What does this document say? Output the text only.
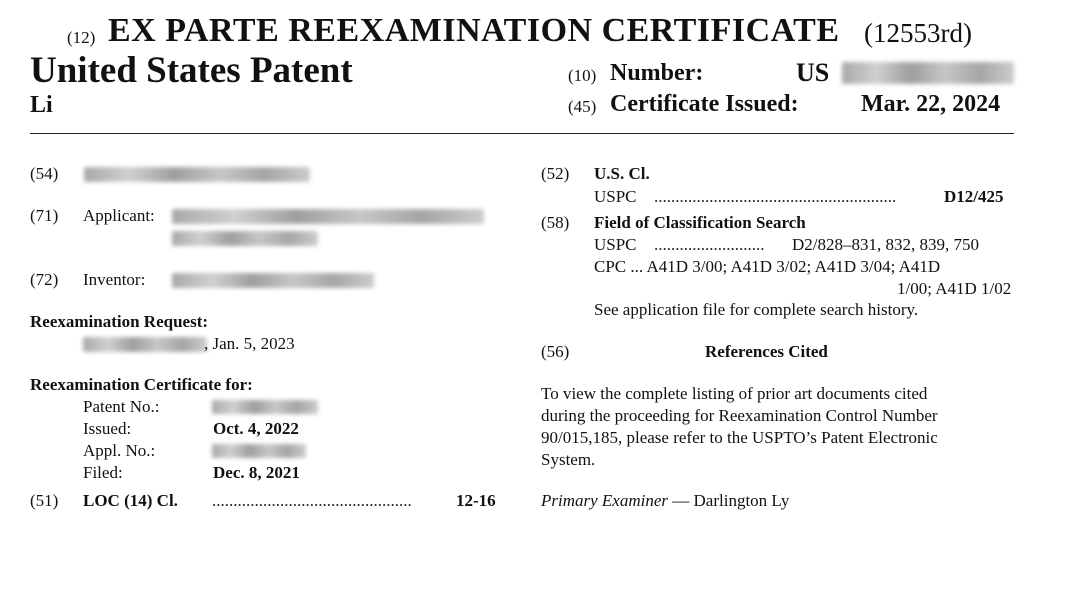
(12) EX PARTE REEXAMINATION CERTIFICATE (12553rd)
United States Patent	(10) Number:	US
Li	(45) Certificate Issued:	Mar. 22, 2024
(54)
(71) Applicant:
(72) Inventor:
Reexamination Request:
, Jan. 5, 2023
Reexamination Certificate for:
Patent No.:
Issued:	Oct. 4, 2022
Appl. No.:
Filed:	Dec. 8, 2021
(51) LOC (14) Cl. ...............................................	12-16
(52) U.S. Cl.
USPC .........................................................	D12/425
(58) Field of Classification Search
USPC ..........................	D2/828–831, 832, 839, 750
CPC ... A41D 3/00; A41D 3/02; A41D 3/04; A41D
1/00; A41D 1/02
See application file for complete search history.
(56)	References Cited
To view the complete listing of prior art documents cited
during the proceeding for Reexamination Control Number
90/015,185, please refer to the USPTO’s Patent Electronic
System.
Primary Examiner — Darlington Ly
